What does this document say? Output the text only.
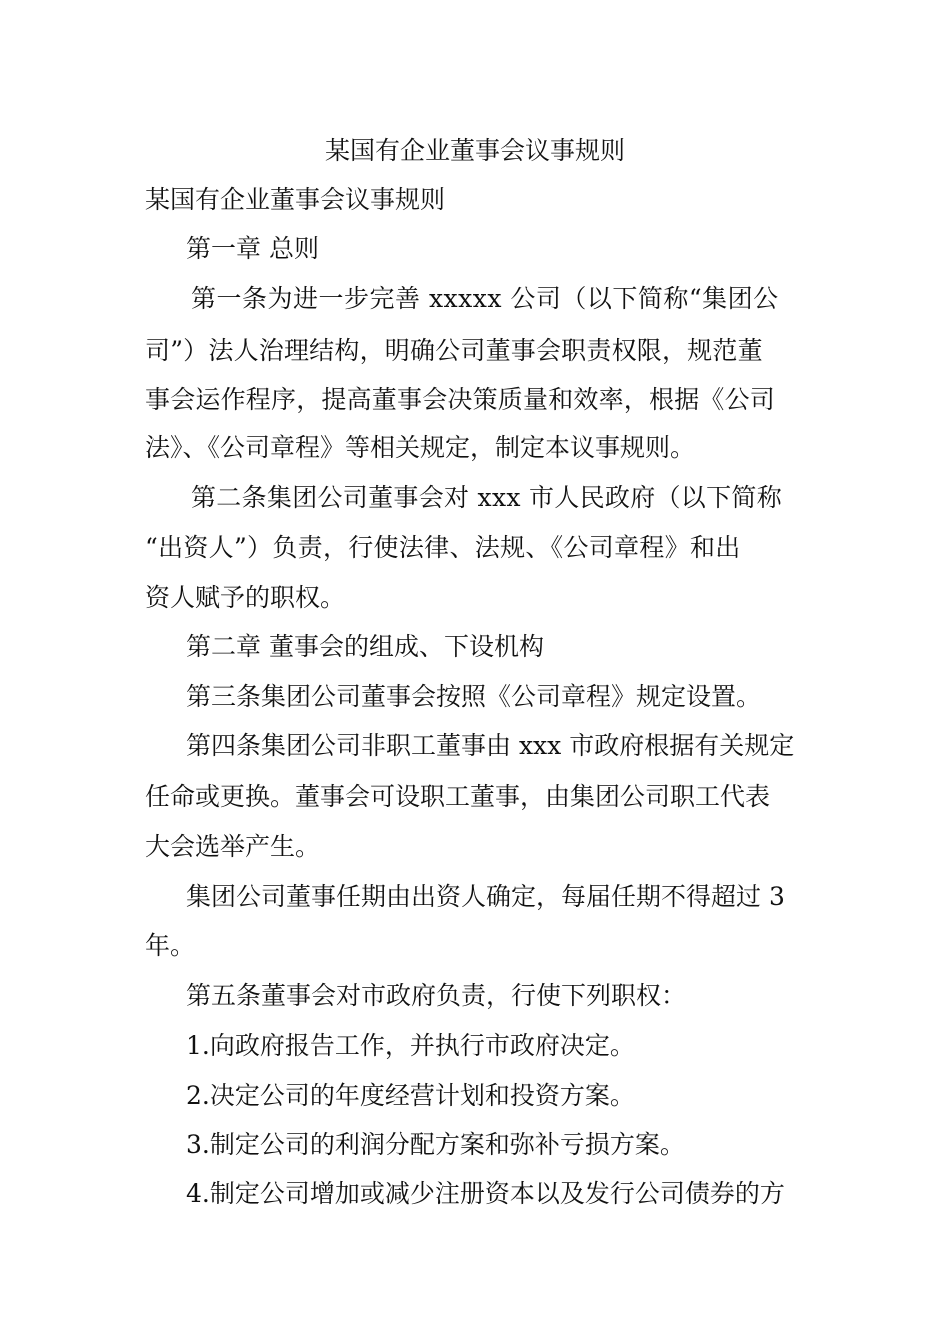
某国有企业董事会议事规则
某国有企业董事会议事规则
第一章 总则
第一条为进一步完善 xxxxx 公司（以下简称“集团公
司”）法人治理结构，明确公司董事会职责权限，规范董
事会运作程序，提高董事会决策质量和效率，根据《公司
法》、《公司章程》等相关规定，制定本议事规则。
第二条集团公司董事会对 xxx 市人民政府（以下简称
“出资人”）负责，行使法律、法规、《公司章程》和出
资人赋予的职权。
第二章 董事会的组成、下设机构
第三条集团公司董事会按照《公司章程》规定设置。
第四条集团公司非职工董事由 xxx 市政府根据有关规定
任命或更换。董事会可设职工董事，由集团公司职工代表
大会选举产生。
集团公司董事任期由出资人确定，每届任期不得超过 3
年。
第五条董事会对市政府负责，行使下列职权：
1.向政府报告工作，并执行市政府决定。
2.决定公司的年度经营计划和投资方案。
3.制定公司的利润分配方案和弥补亏损方案。
4.制定公司增加或减少注册资本以及发行公司债券的方
